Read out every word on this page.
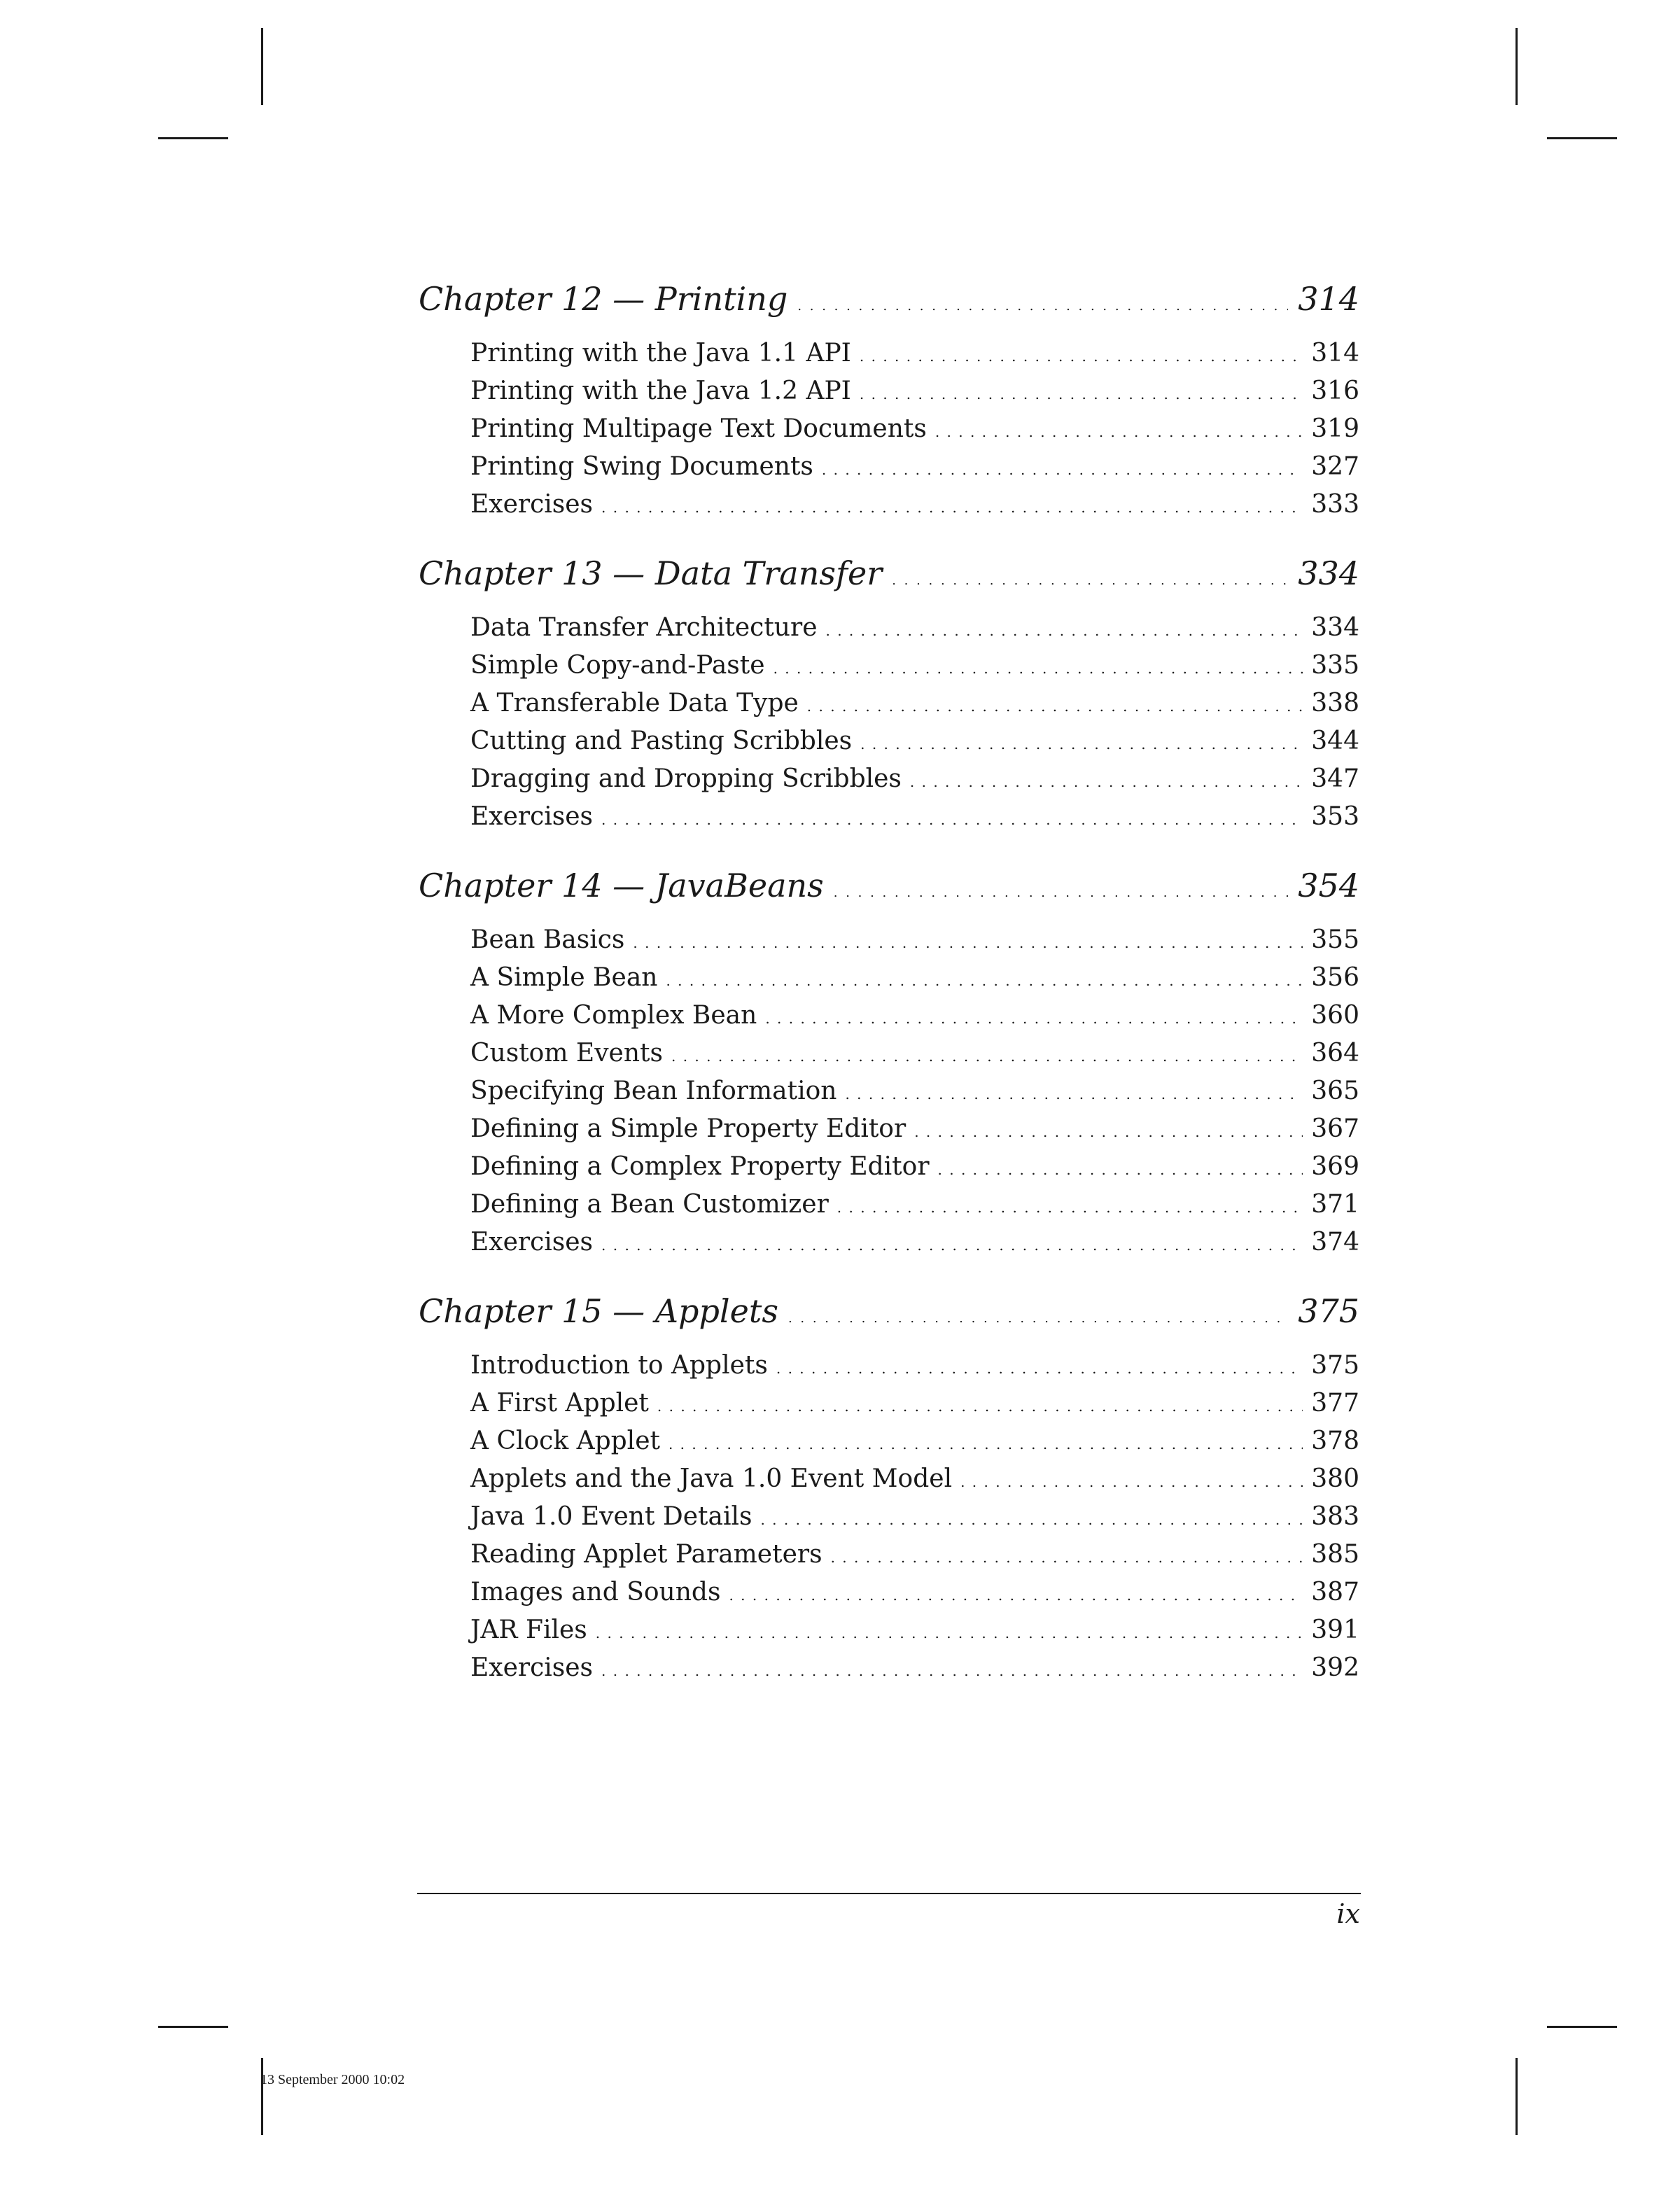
Chapter 12 — Printing . . .	314
Printing with the Java 1.1 API . . .	314
Printing with the Java 1.2 API . . .	316
Printing Multipage Text Documents . . .	319
Printing Swing Documents . . .	327
Exercises . . .	333
Chapter 13 — Data Transfer . . .	334
Data Transfer Architecture . . .	334
Simple Copy-and-Paste . . .	335
A Transferable Data Type . . .	338
Cutting and Pasting Scribbles . . .	344
Dragging and Dropping Scribbles . . .	347
Exercises . . .	353
Chapter 14 — JavaBeans . . .	354
Bean Basics . . .	355
A Simple Bean . . .	356
A More Complex Bean . . .	360
Custom Events . . .	364
Specifying Bean Information . . .	365
Defining a Simple Property Editor . . .	367
Defining a Complex Property Editor . . .	369
Defining a Bean Customizer . . .	371
Exercises . . .	374
Chapter 15 — Applets . . .	375
Introduction to Applets . . .	375
A First Applet . . .	377
A Clock Applet . . .	378
Applets and the Java 1.0 Event Model . . .	380
Java 1.0 Event Details . . .	383
Reading Applet Parameters . . .	385
Images and Sounds . . .	387
JAR Files . . .	391
Exercises . . .	392
ix
13 September 2000 10:02
